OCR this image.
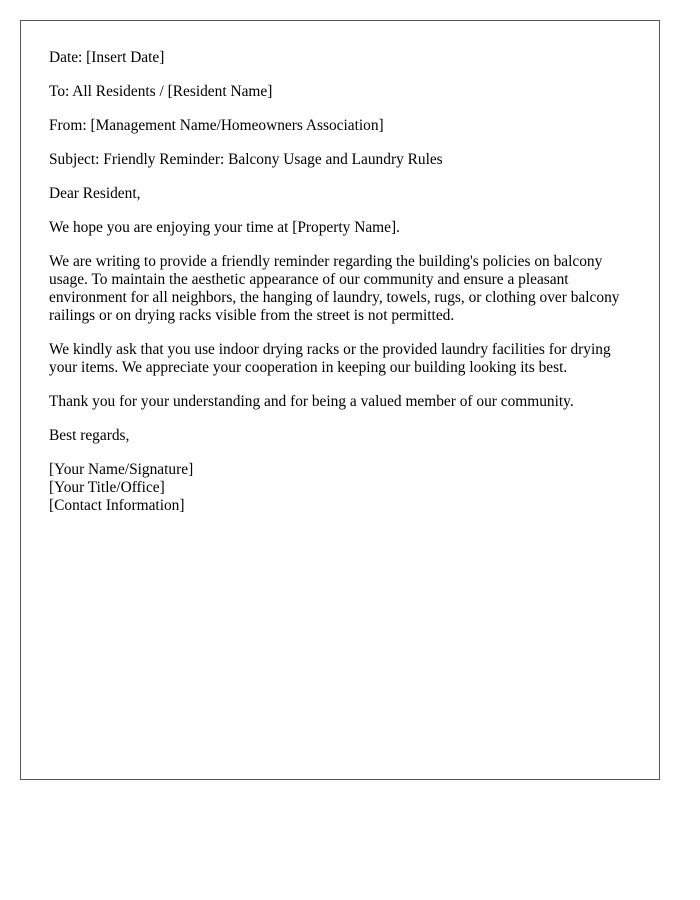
Date: [Insert Date]

To: All Residents / [Resident Name]

From: [Management Name/Homeowners Association]

Subject: Friendly Reminder: Balcony Usage and Laundry Rules

Dear Resident,

We hope you are enjoying your time at [Property Name].

We are writing to provide a friendly reminder regarding the building's policies on balcony usage. To maintain the aesthetic appearance of our community and ensure a pleasant environment for all neighbors, the hanging of laundry, towels, rugs, or clothing over balcony railings or on drying racks visible from the street is not permitted.

We kindly ask that you use indoor drying racks or the provided laundry facilities for drying your items. We appreciate your cooperation in keeping our building looking its best.

Thank you for your understanding and for being a valued member of our community.

Best regards,

[Your Name/Signature]
[Your Title/Office]
[Contact Information]
